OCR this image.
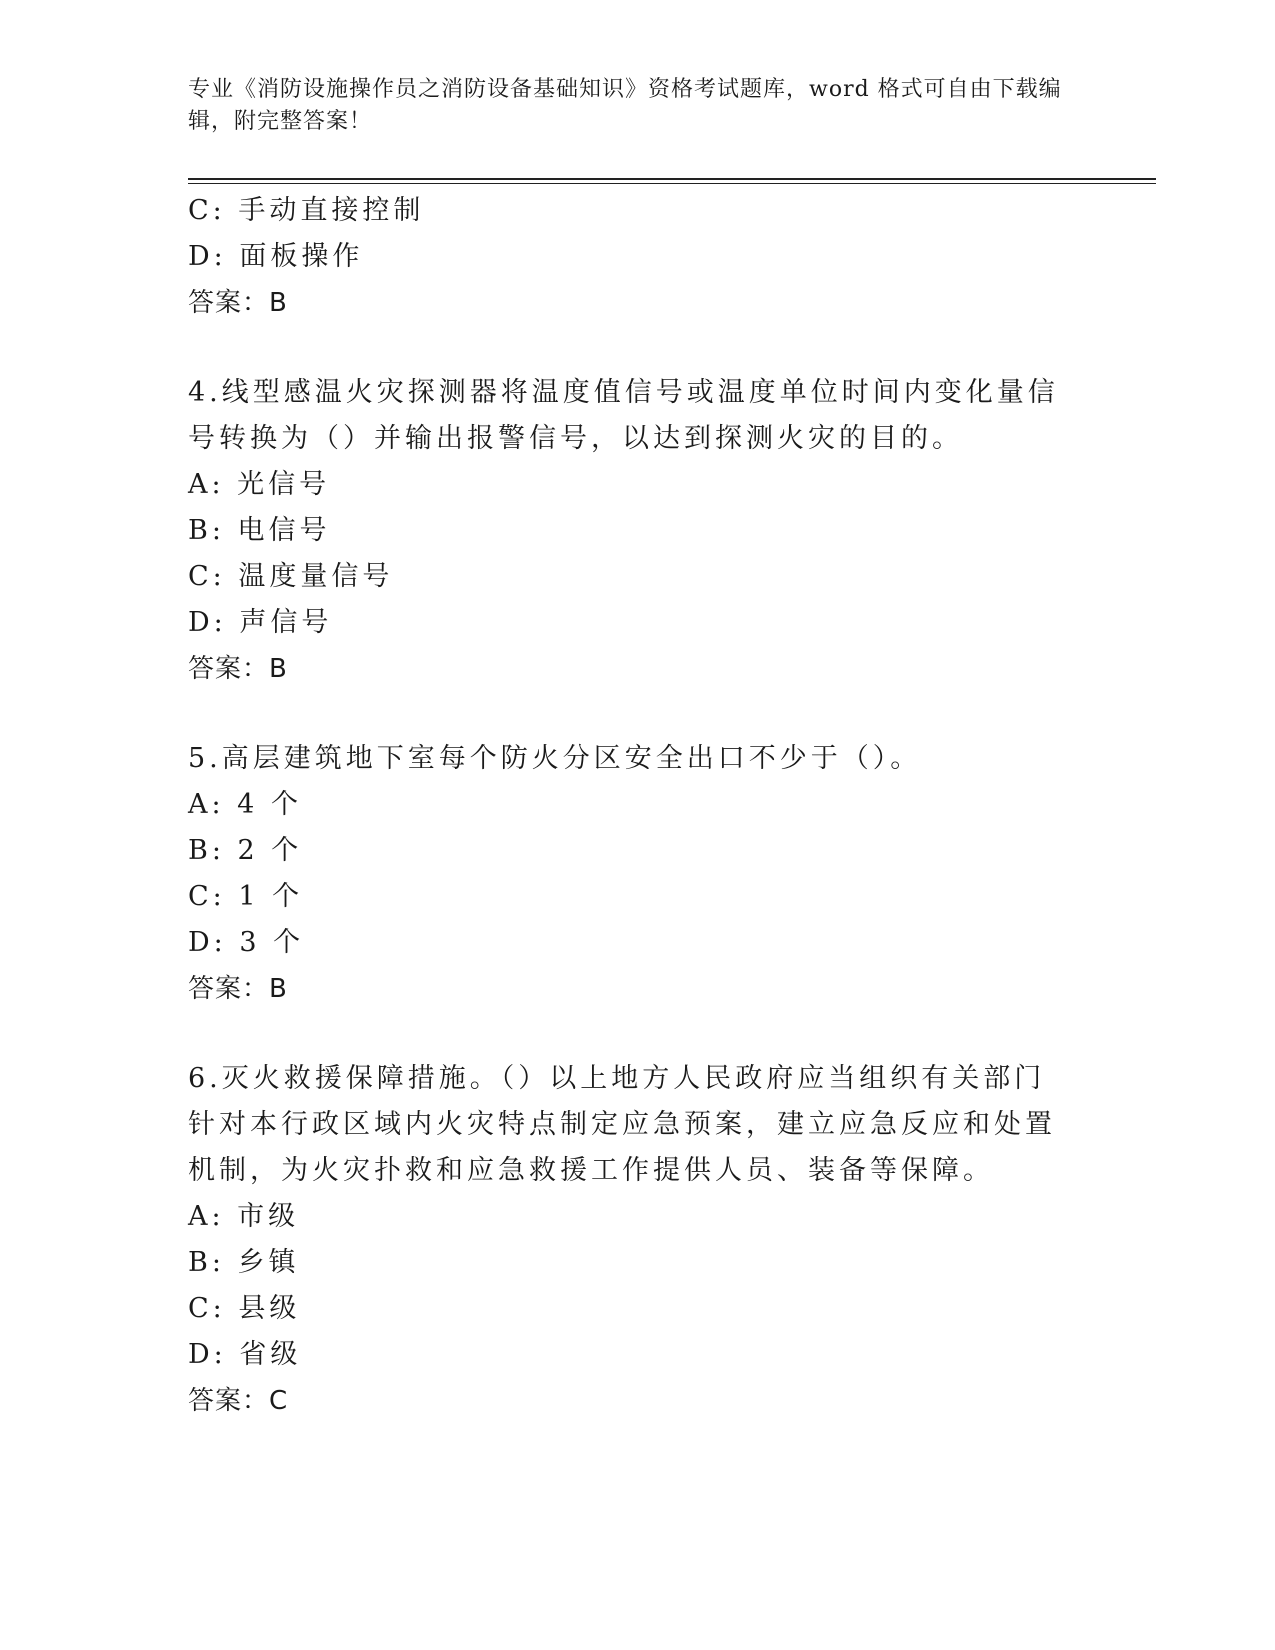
专业《消防设施操作员之消防设备基础知识》资格考试题库，word 格式可自由下载编辑，附完整答案！
C: 手动直接控制
D: 面板操作
答案：B
4.线型感温火灾探测器将温度值信号或温度单位时间内变化量信号转换为（）并输出报警信号，以达到探测火灾的目的。
A: 光信号
B: 电信号
C: 温度量信号
D: 声信号
答案：B
5.高层建筑地下室每个防火分区安全出口不少于（）。
A: 4 个
B: 2 个
C: 1 个
D: 3 个
答案：B
6.灭火救援保障措施。（）以上地方人民政府应当组织有关部门针对本行政区域内火灾特点制定应急预案，建立应急反应和处置机制，为火灾扑救和应急救援工作提供人员、装备等保障。
A: 市级
B: 乡镇
C: 县级
D: 省级
答案：C
